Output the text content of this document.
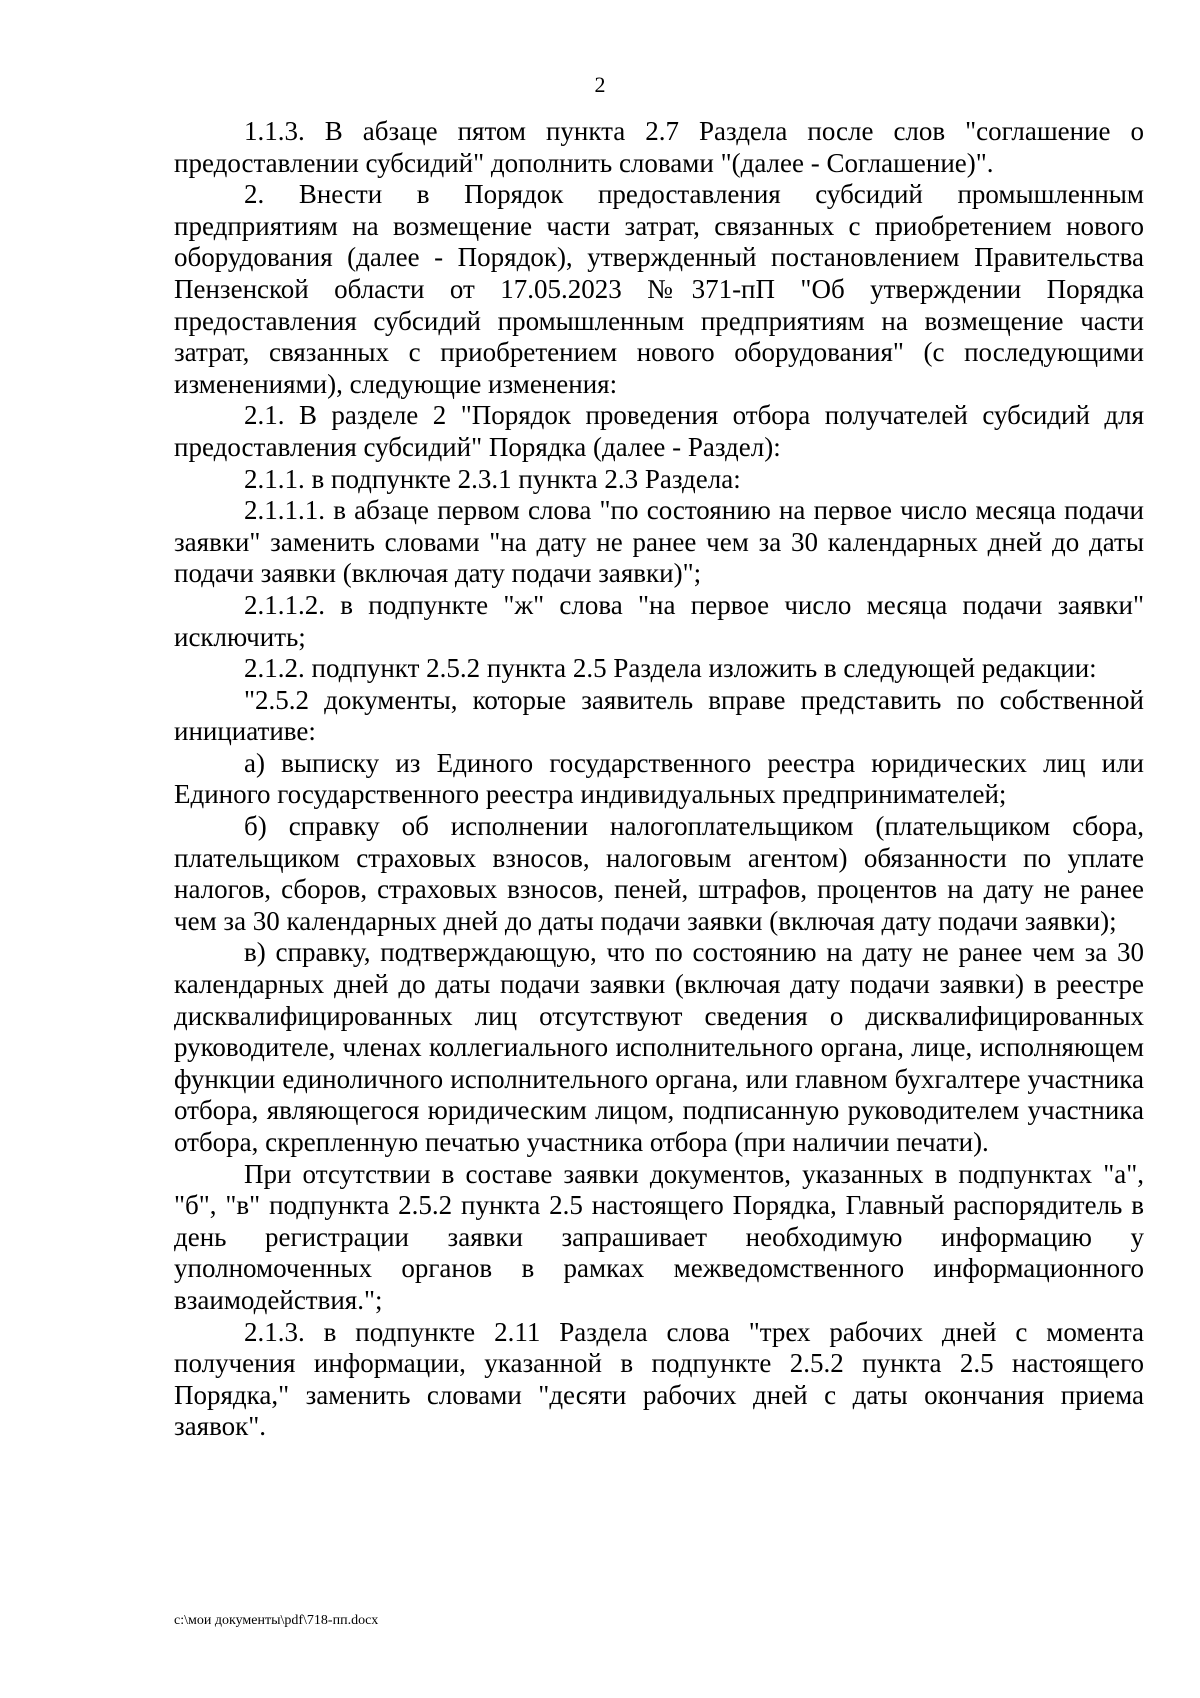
2

1.1.3. В абзаце пятом пункта 2.7 Раздела после слов "соглашение о предоставлении субсидий" дополнить словами "(далее - Соглашение)".

2. Внести в Порядок предоставления субсидий промышленным предприятиям на возмещение части затрат, связанных с приобретением нового оборудования (далее - Порядок), утвержденный постановлением Правительства Пензенской области от 17.05.2023 №371-пП "Об утверждении Порядка предоставления субсидий промышленным предприятиям на возмещение части затрат, связанных с приобретением нового оборудования" (с последующими изменениями), следующие изменения:

2.1. В разделе 2 "Порядок проведения отбора получателей субсидий для предоставления субсидий" Порядка (далее - Раздел):

2.1.1. в подпункте 2.3.1 пункта 2.3 Раздела:

2.1.1.1. в абзаце первом слова "по состоянию на первое число месяца подачи заявки" заменить словами "на дату не ранее чем за 30 календарных дней до даты подачи заявки (включая дату подачи заявки)";

2.1.1.2. в подпункте "ж" слова "на первое число месяца подачи заявки" исключить;

2.1.2. подпункт 2.5.2 пункта 2.5 Раздела изложить в следующей редакции:

"2.5.2 документы, которые заявитель вправе представить по собственной инициативе:

а) выписку из Единого государственного реестра юридических лиц или Единого государственного реестра индивидуальных предпринимателей;

б) справку об исполнении налогоплательщиком (плательщиком сбора, плательщиком страховых взносов, налоговым агентом) обязанности по уплате налогов, сборов, страховых взносов, пеней, штрафов, процентов на дату не ранее чем за 30 календарных дней до даты подачи заявки (включая дату подачи заявки);

в) справку, подтверждающую, что по состоянию на дату не ранее чем за 30 календарных дней до даты подачи заявки (включая дату подачи заявки) в реестре дисквалифицированных лиц отсутствуют сведения о дисквалифицированных руководителе, членах коллегиального исполнительного органа, лице, исполняющем функции единоличного исполнительного органа, или главном бухгалтере участника отбора, являющегося юридическим лицом, подписанную руководителем участника отбора, скрепленную печатью участника отбора (при наличии печати).

При отсутствии в составе заявки документов, указанных в подпунктах "а", "б", "в" подпункта 2.5.2 пункта 2.5 настоящего Порядка, Главный распорядитель в день регистрации заявки запрашивает необходимую информацию у уполномоченных органов в рамках межведомственного информационного взаимодействия.";

2.1.3. в подпункте 2.11 Раздела слова "трех рабочих дней с момента получения информации, указанной в подпункте 2.5.2 пункта 2.5 настоящего Порядка," заменить словами "десяти рабочих дней с даты окончания приема заявок".

c:\мои документы\pdf\718-пп.docx
